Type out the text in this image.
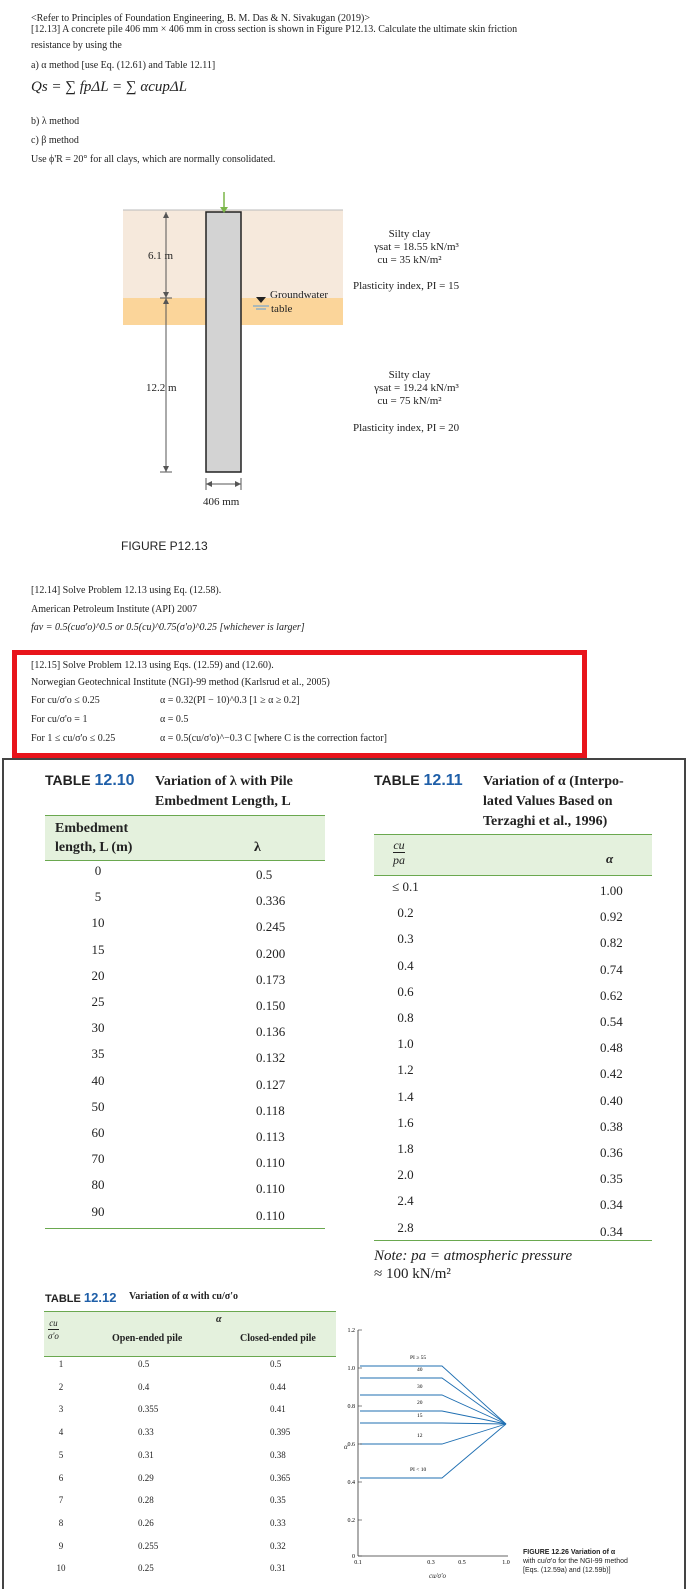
<Refer to Principles of Foundation Engineering, B. M. Das & N. Sivakugan (2019)>
[12.13] A concrete pile 406 mm × 406 mm in cross section is shown in Figure P12.13. Calculate the ultimate skin friction
resistance by using the
a) α method [use Eq. (12.61) and Table 12.11]
Qs = ∑ fpΔL = ∑ αcupΔL
b) λ method
c) β method
Use ϕ'R = 20° for all clays, which are normally consolidated.
6.1 m
12.2 m
406 mm
Groundwater
table
Silty clay
γsat = 18.55 kN/m³
cu = 35 kN/m²
Plasticity index, PI = 15
Silty clay
γsat = 19.24 kN/m³
cu = 75 kN/m²
Plasticity index, PI = 20
FIGURE P12.13
[12.14] Solve Problem 12.13 using Eq. (12.58).
American Petroleum Institute (API) 2007
fav = 0.5(cuσ'o)^0.5 or 0.5(cu)^0.75(σ'o)^0.25 [whichever is larger]
[12.15] Solve Problem 12.13 using Eqs. (12.59) and (12.60).
Norwegian Geotechnical Institute (NGI)-99 method (Karlsrud et al., 2005)
For cu/σ'o ≤ 0.25	α = 0.32(PI − 10)^0.3 [1 ≥ α ≥ 0.2]
For cu/σ'o = 1	α = 0.5
For 1 ≤ cu/σ'o ≤ 0.25	α = 0.5(cu/σ'o)^−0.3 C [where C is the correction factor]
TABLE 12.10 Variation of λ with Pile
Embedment Length, L
Embedment
length, L (m)	λ
0	0.5
5	0.336
10	0.245
15	0.200
20	0.173
25	0.150
30	0.136
35	0.132
40	0.127
50	0.118
60	0.113
70	0.110
80	0.110
90	0.110
TABLE 12.11 Variation of α (Interpo-
lated Values Based on
Terzaghi et al., 1996)
cu
pa	α
≤ 0.1	1.00
0.2	0.92
0.3	0.82
0.4	0.74
0.6	0.62
0.8	0.54
1.0	0.48
1.2	0.42
1.4	0.40
1.6	0.38
1.8	0.36
2.0	0.35
2.4	0.34
2.8	0.34
Note: pa = atmospheric pressure
≈ 100 kN/m²
TABLE 12.12 Variation of α with cu/σ'o
cu
σ'o
α
Open-ended pile	Closed-ended pile
1	0.5	0.5
2	0.4	0.44
3	0.355	0.41
4	0.33	0.395
5	0.31	0.38
6	0.29	0.365
7	0.28	0.35
8	0.26	0.33
9	0.255	0.32
10	0.25	0.31
1.2
1.0
0.8
0.6
0.4
0.2
0
0.1	0.3	0.5	1.0
PI ≥ 55
40
30
20
15
12
PI < 10
α
cu/σ'o
FIGURE 12.26 Variation of α
with cu/σ'o for the NGI-99 method
[Eqs. (12.59a) and (12.59b)]
